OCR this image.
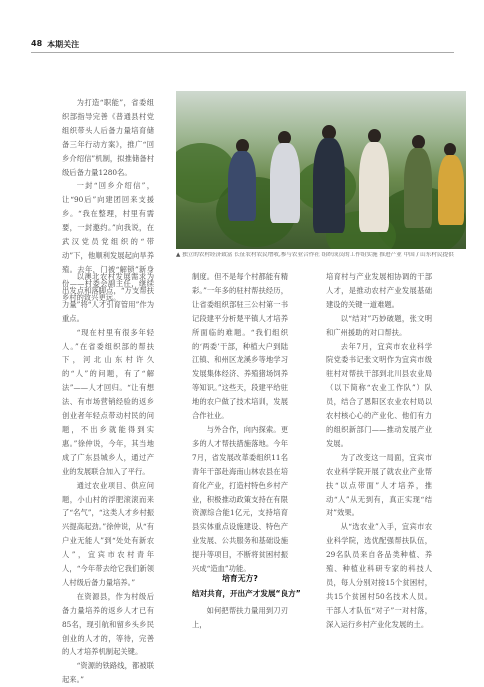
48 本期关注

为打造“职能”，省委组织部指导完善《普通县村党组织带头人后备力量培育储备三年行动方案》，推广“回乡介绍信”机制，拟推储备村级后备力量1280名。

一封“回乡介绍信”，让“90后”向建团回来支援乡。“我在整理，村里有需要，一封邀约。”向我说，在武汉党员党组织的“带动”下，他顺利发展起向旱养殖。去年，门被“解锁”新身份——村委会副主任，继续乡村的致兴更远。

▲ 独立的农村经济致富 长征农村农民增收,参与农业合作社 组织成员的工作组实施 推进产业 中国 / 山东村民提供

以澳北农村发展需求为出发点和落脚点，“万支帮扶力量”将“人才引育管用”作为重点。

“现在村里有很多年轻人。”在省委组织部的帮扶下，河北山东村许久的“人”的问题，有了“解法”——人才回归。“让有想法、有市场营销经验的返乡创业者年轻点带动村民的问题，不出乡就能得到实惠。”徐仲说，今年，其当地成了广东县城乡人，通过产业的发展联合加入了平行。

通过农业项目、供应问题，小山村的浮肥滚滚而来了“名气”，“这类人才乡村振兴提高起劲。”徐仲说，从“有户业无能人”到“处处有新农人”，宜宾市农村青年人，“今年带去给它我们新领人村级后备力量培养。”

在资源县，作为村级后备力量培养的返乡人才已有85名，现引航和留乡头乡民创业的人才的，等待，完善的人才培养机制起关键。

“资源的铁路线，都被联起来。”

制度。但不是每个村都能有精彩。”一年多的驻村帮扶经历，让省委组织部驻三公村第一书记段建平分析楚平镇人才培养所面临的难题。“我们组织的‘两委’干部，种植大户到陆江镇、和州区龙溪乡等地学习发展集体经济、养殖猪场饲养等知识。”这些天，段建平给驻地的农户做了技术培训，发展合作社业。

与外合作，向内探索。更多的人才帮扶措施落地。今年7月，省发展改革委组织11名青年干部赴海南山林农县在培育化产业，打造村特色乡村产业，积极推动政策支持在有限资源综合能1亿元，支持培育县实体重点设施建设、特色产业发展、公共服务和基础设施提升等项目，不断将贫困村振兴成“造血”功能。

培育无方?
结对共育，开出产才发展“良方”

如何把帮扶力量用到刀刃上，

培育村与产业发展相协调的干部人才，是推动农村产业发展基础建设的关键一道难题。

以“结对”巧妙破题，张文明和广州援助的对口帮扶。

去年7月，宜宾市农业科学院党委书记张文明作为宜宾市级驻村对帮扶干部到北川县农业局（以下简称“农业工作队”）队员，结合了恩阳区农业农村局以农村核心心的产业化、他们有力的组织新部门——推动发展产业发展。

为了改变这一局面，宜宾市农业科学院开展了就农业产业帮扶“以点带面”人才培养，推动“人”从无到有，真正实现“结对”效果。

从“选农业”入手，宜宾市农业科学院，选优配强帮扶队伍，29名队员来自各品类种植、养殖、种植业科研专家的科技人员，每人分别对接15个贫困村，共15个贫困村50名技术人员。干部人才队伍“对子”一对村落，深入运行乡村产业化发展的土。
